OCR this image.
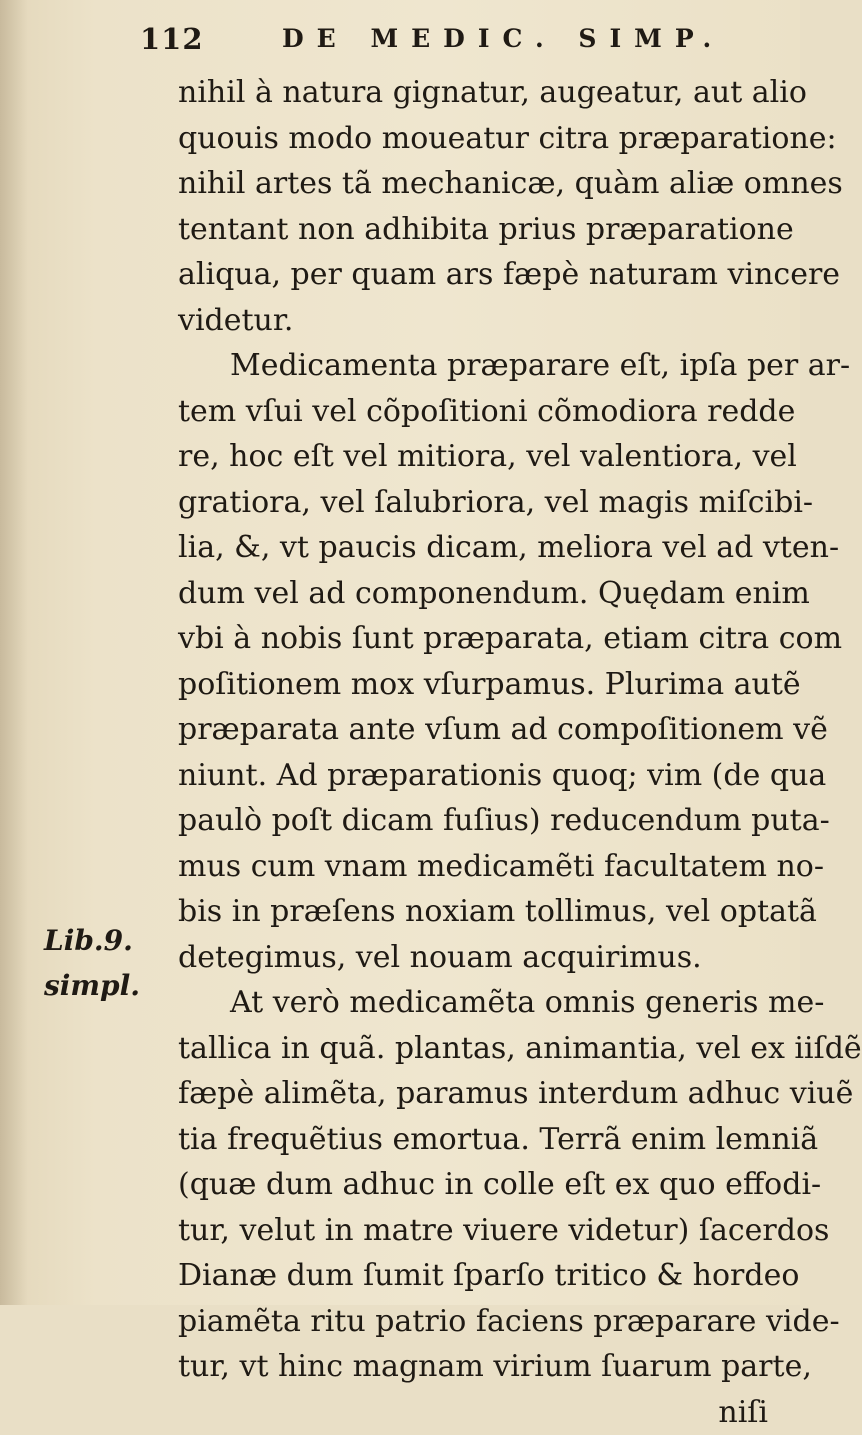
112	DE MEDIC. SIMP.
Lib.9.
simpl.
nihil à natura gignatur, augeatur, aut alio
quouis modo moueatur citra præparatione:
nihil artes tã mechanicæ, quàm aliæ omnes
tentant non adhibita prius præparatione
aliqua, per quam ars fæpè naturam vincere
videtur.
Medicamenta præparare eſt, ipſa per ar-
tem vſui vel cõpoſitioni cõmodiora redde
re, hoc eſt vel mitiora, vel valentiora, vel
gratiora, vel ſalubriora, vel magis miſcibi-
lia, &, vt paucis dicam, meliora vel ad vten-
dum vel ad componendum. Quędam enim
vbi à nobis ſunt præparata, etiam citra com
poſitionem mox vſurpamus. Plurima autẽ
præparata ante vſum ad compoſitionem vẽ
niunt. Ad præparationis quoq; vim (de qua
paulò poſt dicam fuſius) reducendum puta-
mus cum vnam medicamẽti facultatem no-
bis in præſens noxiam tollimus, vel optatã
detegimus, vel nouam acquirimus.
At verò medicamẽta omnis generis me-
tallica in quã. plantas, animantia, vel ex iiſdẽ
fæpè alimẽta, paramus interdum adhuc viuẽ
tia frequẽtius emortua. Terrã enim lemniã
(quæ dum adhuc in colle eſt ex quo effodi-
tur, velut in matre viuere videtur) ſacerdos
Dianæ dum ſumit ſparſo tritico & hordeo
piamẽta ritu patrio faciens præparare vide-
tur, vt hinc magnam virium ſuarum parte,
niſi
